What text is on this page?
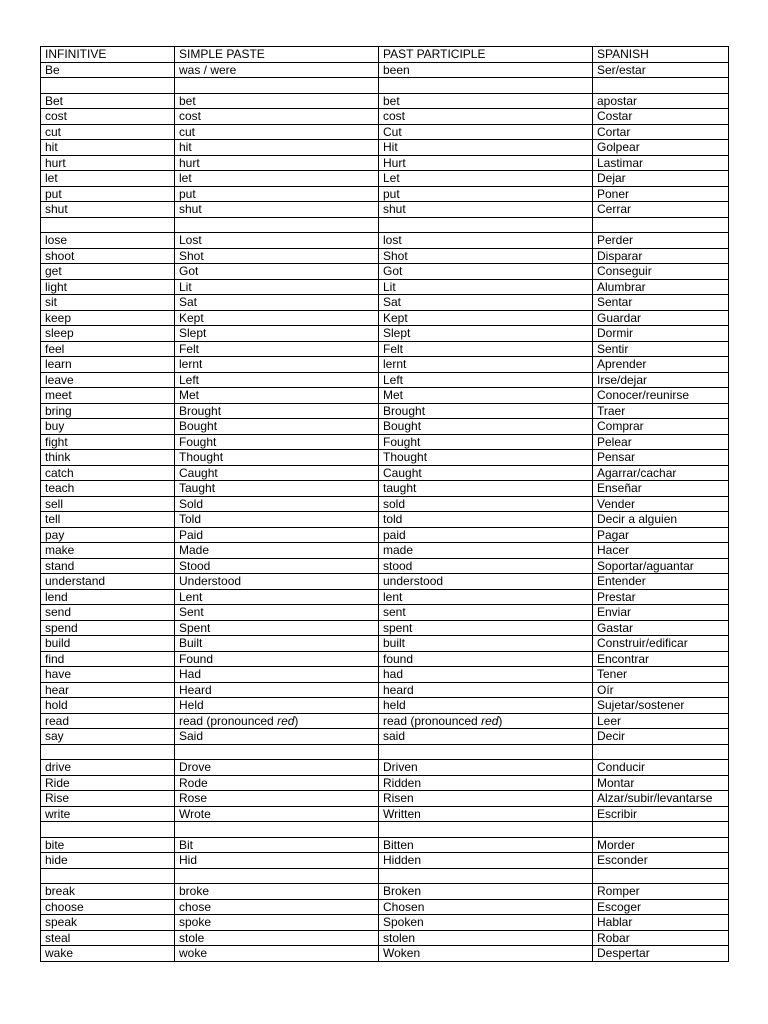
INFINITIVE	SIMPLE PASTE	PAST PARTICIPLE	SPANISH
Be	was / were	been	Ser/estar

Bet	bet	bet	apostar
cost	cost	cost	Costar
cut	cut	Cut	Cortar
hit	hit	Hit	Golpear
hurt	hurt	Hurt	Lastimar
let	let	Let	Dejar
put	put	put	Poner
shut	shut	shut	Cerrar

lose	Lost	lost	Perder
shoot	Shot	Shot	Disparar
get	Got	Got	Conseguir
light	Lit	Lit	Alumbrar
sit	Sat	Sat	Sentar
keep	Kept	Kept	Guardar
sleep	Slept	Slept	Dormir
feel	Felt	Felt	Sentir
learn	lernt	lernt	Aprender
leave	Left	Left	Irse/dejar
meet	Met	Met	Conocer/reunirse
bring	Brought	Brought	Traer
buy	Bought	Bought	Comprar
fight	Fought	Fought	Pelear
think	Thought	Thought	Pensar
catch	Caught	Caught	Agarrar/cachar
teach	Taught	taught	Enseñar
sell	Sold	sold	Vender
tell	Told	told	Decir a alguien
pay	Paid	paid	Pagar
make	Made	made	Hacer
stand	Stood	stood	Soportar/aguantar
understand	Understood	understood	Entender
lend	Lent	lent	Prestar
send	Sent	sent	Enviar
spend	Spent	spent	Gastar
build	Built	built	Construir/edificar
find	Found	found	Encontrar
have	Had	had	Tener
hear	Heard	heard	Oír
hold	Held	held	Sujetar/sostener
read	read (pronounced red)	read (pronounced red)	Leer
say	Said	said	Decir

drive	Drove	Driven	Conducir
Ride	Rode	Ridden	Montar
Rise	Rose	Risen	Alzar/subir/levantarse
write	Wrote	Written	Escribir

bite	Bit	Bitten	Morder
hide	Hid	Hidden	Esconder

break	broke	Broken	Romper
choose	chose	Chosen	Escoger
speak	spoke	Spoken	Hablar
steal	stole	stolen	Robar
wake	woke	Woken	Despertar
